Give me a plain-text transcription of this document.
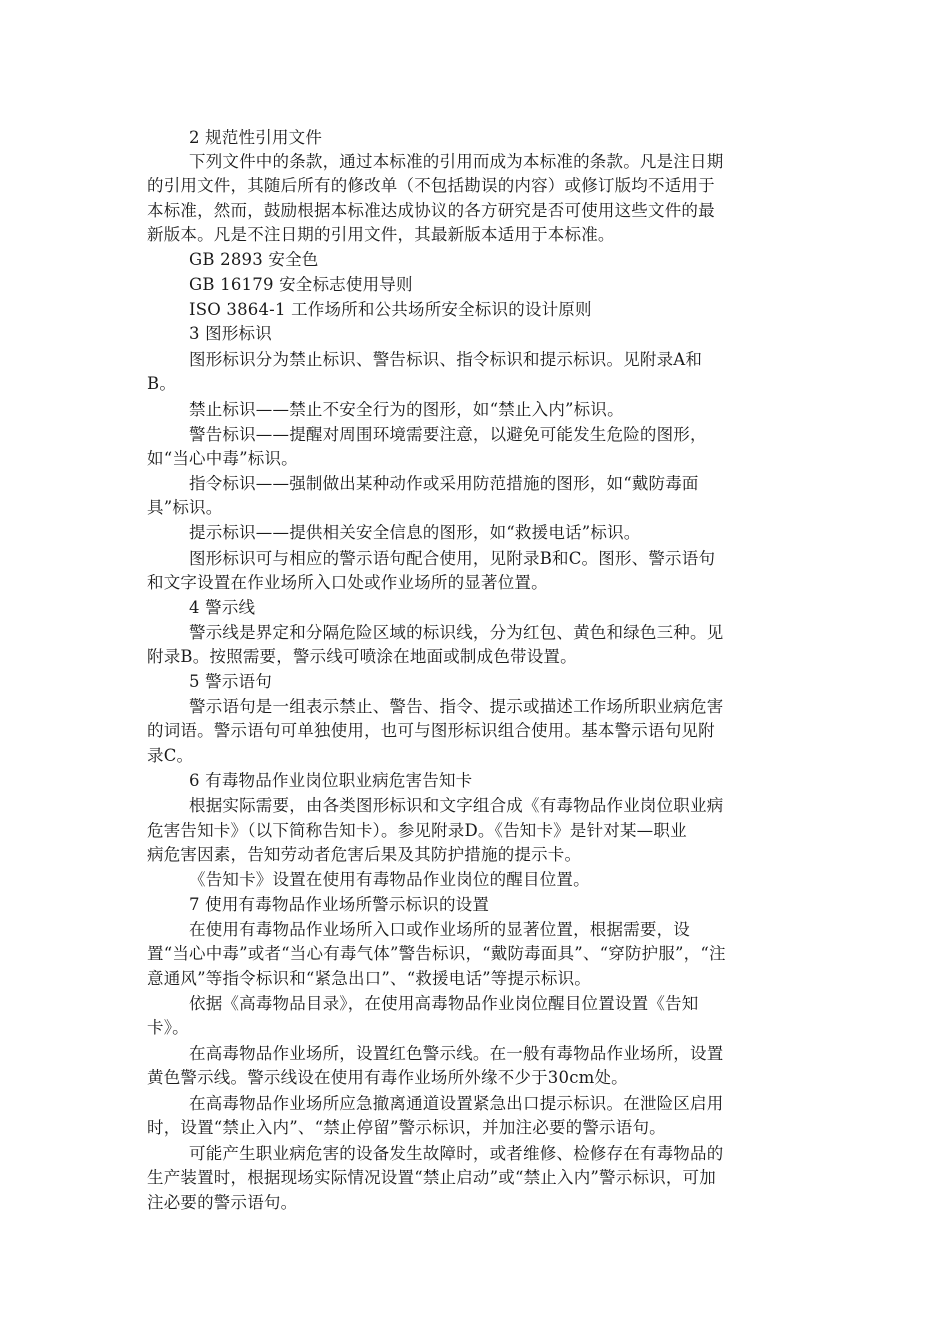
2 规范性引用文件
下列文件中的条款，通过本标准的引用而成为本标准的条款。凡是注日期
的引用文件，其随后所有的修改单（不包括勘误的内容）或修订版均不适用于
本标准，然而，鼓励根据本标准达成协议的各方研究是否可使用这些文件的最
新版本。凡是不注日期的引用文件，其最新版本适用于本标准。
GB 2893 安全色
GB 16179 安全标志使用导则
ISO 3864-1 工作场所和公共场所安全标识的设计原则
3 图形标识
图形标识分为禁止标识、警告标识、指令标识和提示标识。见附录A和
B。
禁止标识——禁止不安全行为的图形，如“禁止入内”标识。
警告标识——提醒对周围环境需要注意，以避免可能发生危险的图形，
如“当心中毒”标识。
指令标识——强制做出某种动作或采用防范措施的图形，如“戴防毒面
具”标识。
提示标识——提供相关安全信息的图形，如“救援电话”标识。
图形标识可与相应的警示语句配合使用，见附录B和C。图形、警示语句
和文字设置在作业场所入口处或作业场所的显著位置。
4 警示线
警示线是界定和分隔危险区域的标识线，分为红包、黄色和绿色三种。见
附录B。按照需要，警示线可喷涂在地面或制成色带设置。
5 警示语句
警示语句是一组表示禁止、警告、指令、提示或描述工作场所职业病危害
的词语。警示语句可单独使用，也可与图形标识组合使用。基本警示语句见附
录C。
6 有毒物品作业岗位职业病危害告知卡
根据实际需要，由各类图形标识和文字组合成《有毒物品作业岗位职业病
危害告知卡》（以下简称告知卡）。参见附录D。《告知卡》是针对某—职业
病危害因素，告知劳动者危害后果及其防护措施的提示卡。
《告知卡》设置在使用有毒物品作业岗位的醒目位置。
7 使用有毒物品作业场所警示标识的设置
在使用有毒物品作业场所入口或作业场所的显著位置，根据需要，设
置“当心中毒”或者“当心有毒气体”警告标识，“戴防毒面具”、“穿防护服”，“注
意通风”等指令标识和“紧急出口”、“救援电话”等提示标识。
依据《高毒物品目录》，在使用高毒物品作业岗位醒目位置设置《告知
卡》。
在高毒物品作业场所，设置红色警示线。在一般有毒物品作业场所，设置
黄色警示线。警示线设在使用有毒作业场所外缘不少于30cm处。
在高毒物品作业场所应急撤离通道设置紧急出口提示标识。在泄险区启用
时，设置“禁止入内”、“禁止停留”警示标识，并加注必要的警示语句。
可能产生职业病危害的设备发生故障时，或者维修、检修存在有毒物品的
生产装置时，根据现场实际情况设置“禁止启动”或“禁止入内”警示标识，可加
注必要的警示语句。
